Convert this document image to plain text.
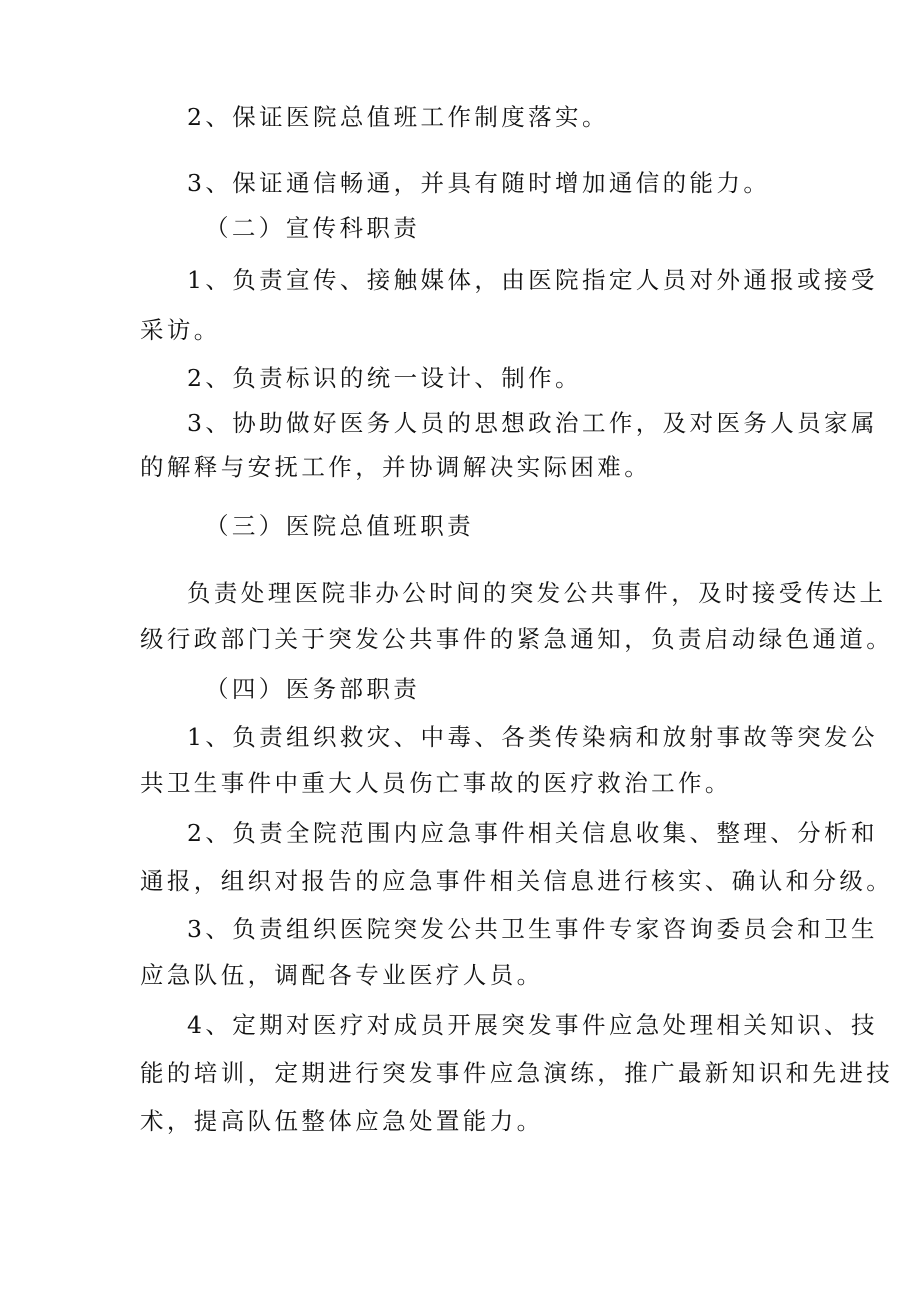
2、保证医院总值班工作制度落实。
3、保证通信畅通，并具有随时增加通信的能力。
（二）宣传科职责
1、负责宣传、接触媒体，由医院指定人员对外通报或接受
采访。
2、负责标识的统一设计、制作。
3、协助做好医务人员的思想政治工作，及对医务人员家属
的解释与安抚工作，并协调解决实际困难。
（三）医院总值班职责
负责处理医院非办公时间的突发公共事件，及时接受传达上
级行政部门关于突发公共事件的紧急通知，负责启动绿色通道。
（四）医务部职责
1、负责组织救灾、中毒、各类传染病和放射事故等突发公
共卫生事件中重大人员伤亡事故的医疗救治工作。
2、负责全院范围内应急事件相关信息收集、整理、分析和
通报，组织对报告的应急事件相关信息进行核实、确认和分级。
3、负责组织医院突发公共卫生事件专家咨询委员会和卫生
应急队伍，调配各专业医疗人员。
4、定期对医疗对成员开展突发事件应急处理相关知识、技
能的培训，定期进行突发事件应急演练，推广最新知识和先进技
术，提高队伍整体应急处置能力。
